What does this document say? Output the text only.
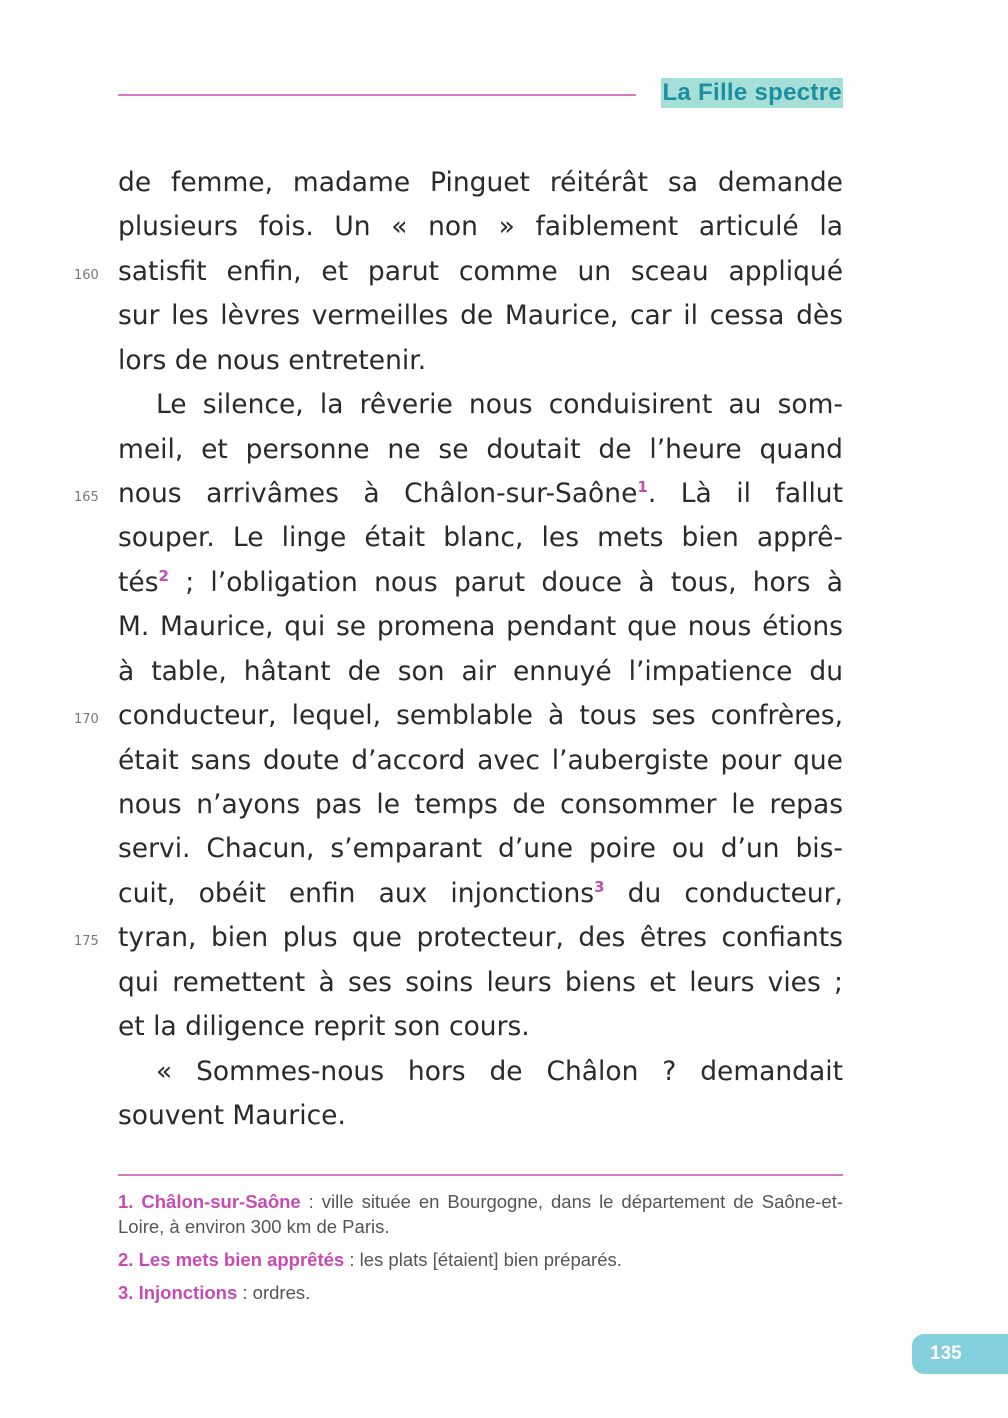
La Fille spectre
de femme, madame Pinguet réitérât sa demande
plusieurs fois. Un « non » faiblement articulé la
satisfit enfin, et parut comme un sceau appliqué
sur les lèvres vermeilles de Maurice, car il cessa dès
lors de nous entretenir.
Le silence, la rêverie nous conduisirent au som-
meil, et personne ne se doutait de l’heure quand
nous arrivâmes à Châlon-sur-Saône$^1$. Là il fallut
souper. Le linge était blanc, les mets bien apprê-
tés$^2$ ; l’obligation nous parut douce à tous, hors à
M. Maurice, qui se promena pendant que nous étions
à table, hâtant de son air ennuyé l’impatience du
conducteur, lequel, semblable à tous ses confrères,
était sans doute d’accord avec l’aubergiste pour que
nous n’ayons pas le temps de consommer le repas
servi. Chacun, s’emparant d’une poire ou d’un bis-
cuit, obéit enfin aux injonctions$^3$ du conducteur,
tyran, bien plus que protecteur, des êtres confiants
qui remettent à ses soins leurs biens et leurs vies ;
et la diligence reprit son cours.
« Sommes-nous hors de Châlon ? demandait
souvent Maurice.
160
165
170
175
1. Châlon-sur-Saône : ville située en Bourgogne, dans le département de Saône-et-Loire, à environ 300 km de Paris.
2. Les mets bien apprêtés : les plats [étaient] bien préparés.
3. Injonctions : ordres.
135
